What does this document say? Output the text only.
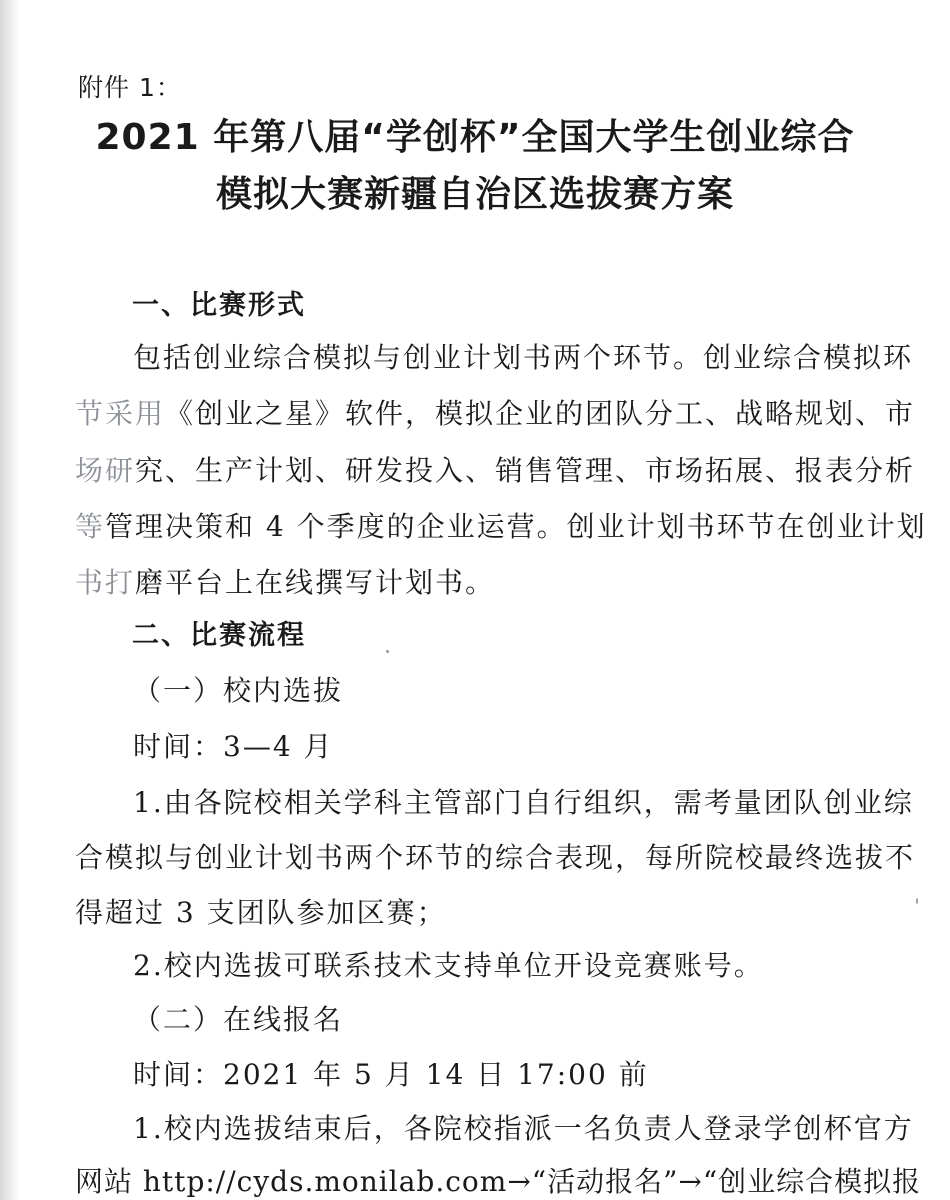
附件 1：
2021 年第八届“学创杯”全国大学生创业综合
模拟大赛新疆自治区选拔赛方案
一、比赛形式
包括创业综合模拟与创业计划书两个环节。创业综合模拟环
节采用《创业之星》软件，模拟企业的团队分工、战略规划、市
场研究、生产计划、研发投入、销售管理、市场拓展、报表分析
等管理决策和 4 个季度的企业运营。创业计划书环节在创业计划
书打磨平台上在线撰写计划书。
二、比赛流程
（一）校内选拔
时间：3—4 月
1.由各院校相关学科主管部门自行组织，需考量团队创业综
合模拟与创业计划书两个环节的综合表现，每所院校最终选拔不
得超过 3 支团队参加区赛；
2.校内选拔可联系技术支持单位开设竞赛账号。
（二）在线报名
时间：2021 年 5 月 14 日 17:00 前
1.校内选拔结束后，各院校指派一名负责人登录学创杯官方
网站 http://cyds.monilab.com→“活动报名”→“创业综合模拟报
